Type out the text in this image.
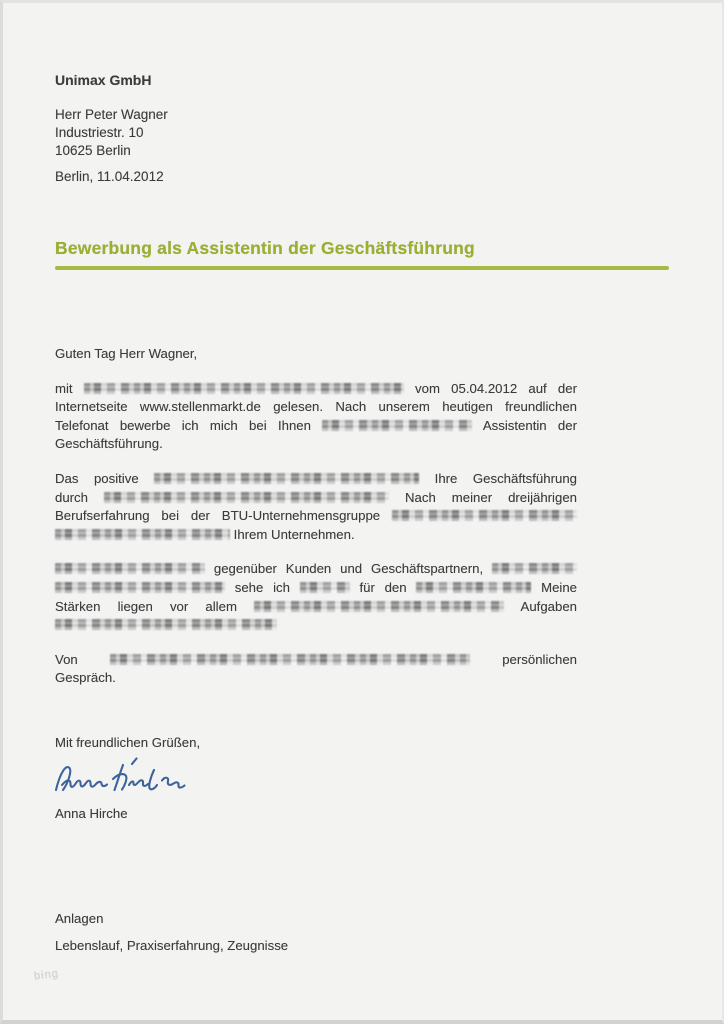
Unimax GmbH
Herr Peter Wagner
Industriestr. 10
10625 Berlin
Berlin, 11.04.2012
Bewerbung als Assistentin der Geschäftsführung
Guten Tag Herr Wagner,
mit	vom 05.04.2012 auf der
Internetseite www.stellenmarkt.de gelesen. Nach unserem heutigen freundlichen
Telefonat bewerbe ich mich bei Ihnen	Assistentin der
Geschäftsführung.
Das positive	Ihre Geschäftsführung
durch	Nach meiner dreijährigen
Berufserfahrung bei der BTU-Unternehmensgruppe
Ihrem Unternehmen.
gegenüber Kunden und Geschäftspartnern,
sehe ich	für den	Meine
Stärken liegen vor allem	Aufgaben
Von	persönlichen
Gespräch.
Mit freundlichen Grüßen,
Anna Hirche
Anlagen
Lebenslauf, Praxiserfahrung, Zeugnisse
bing
